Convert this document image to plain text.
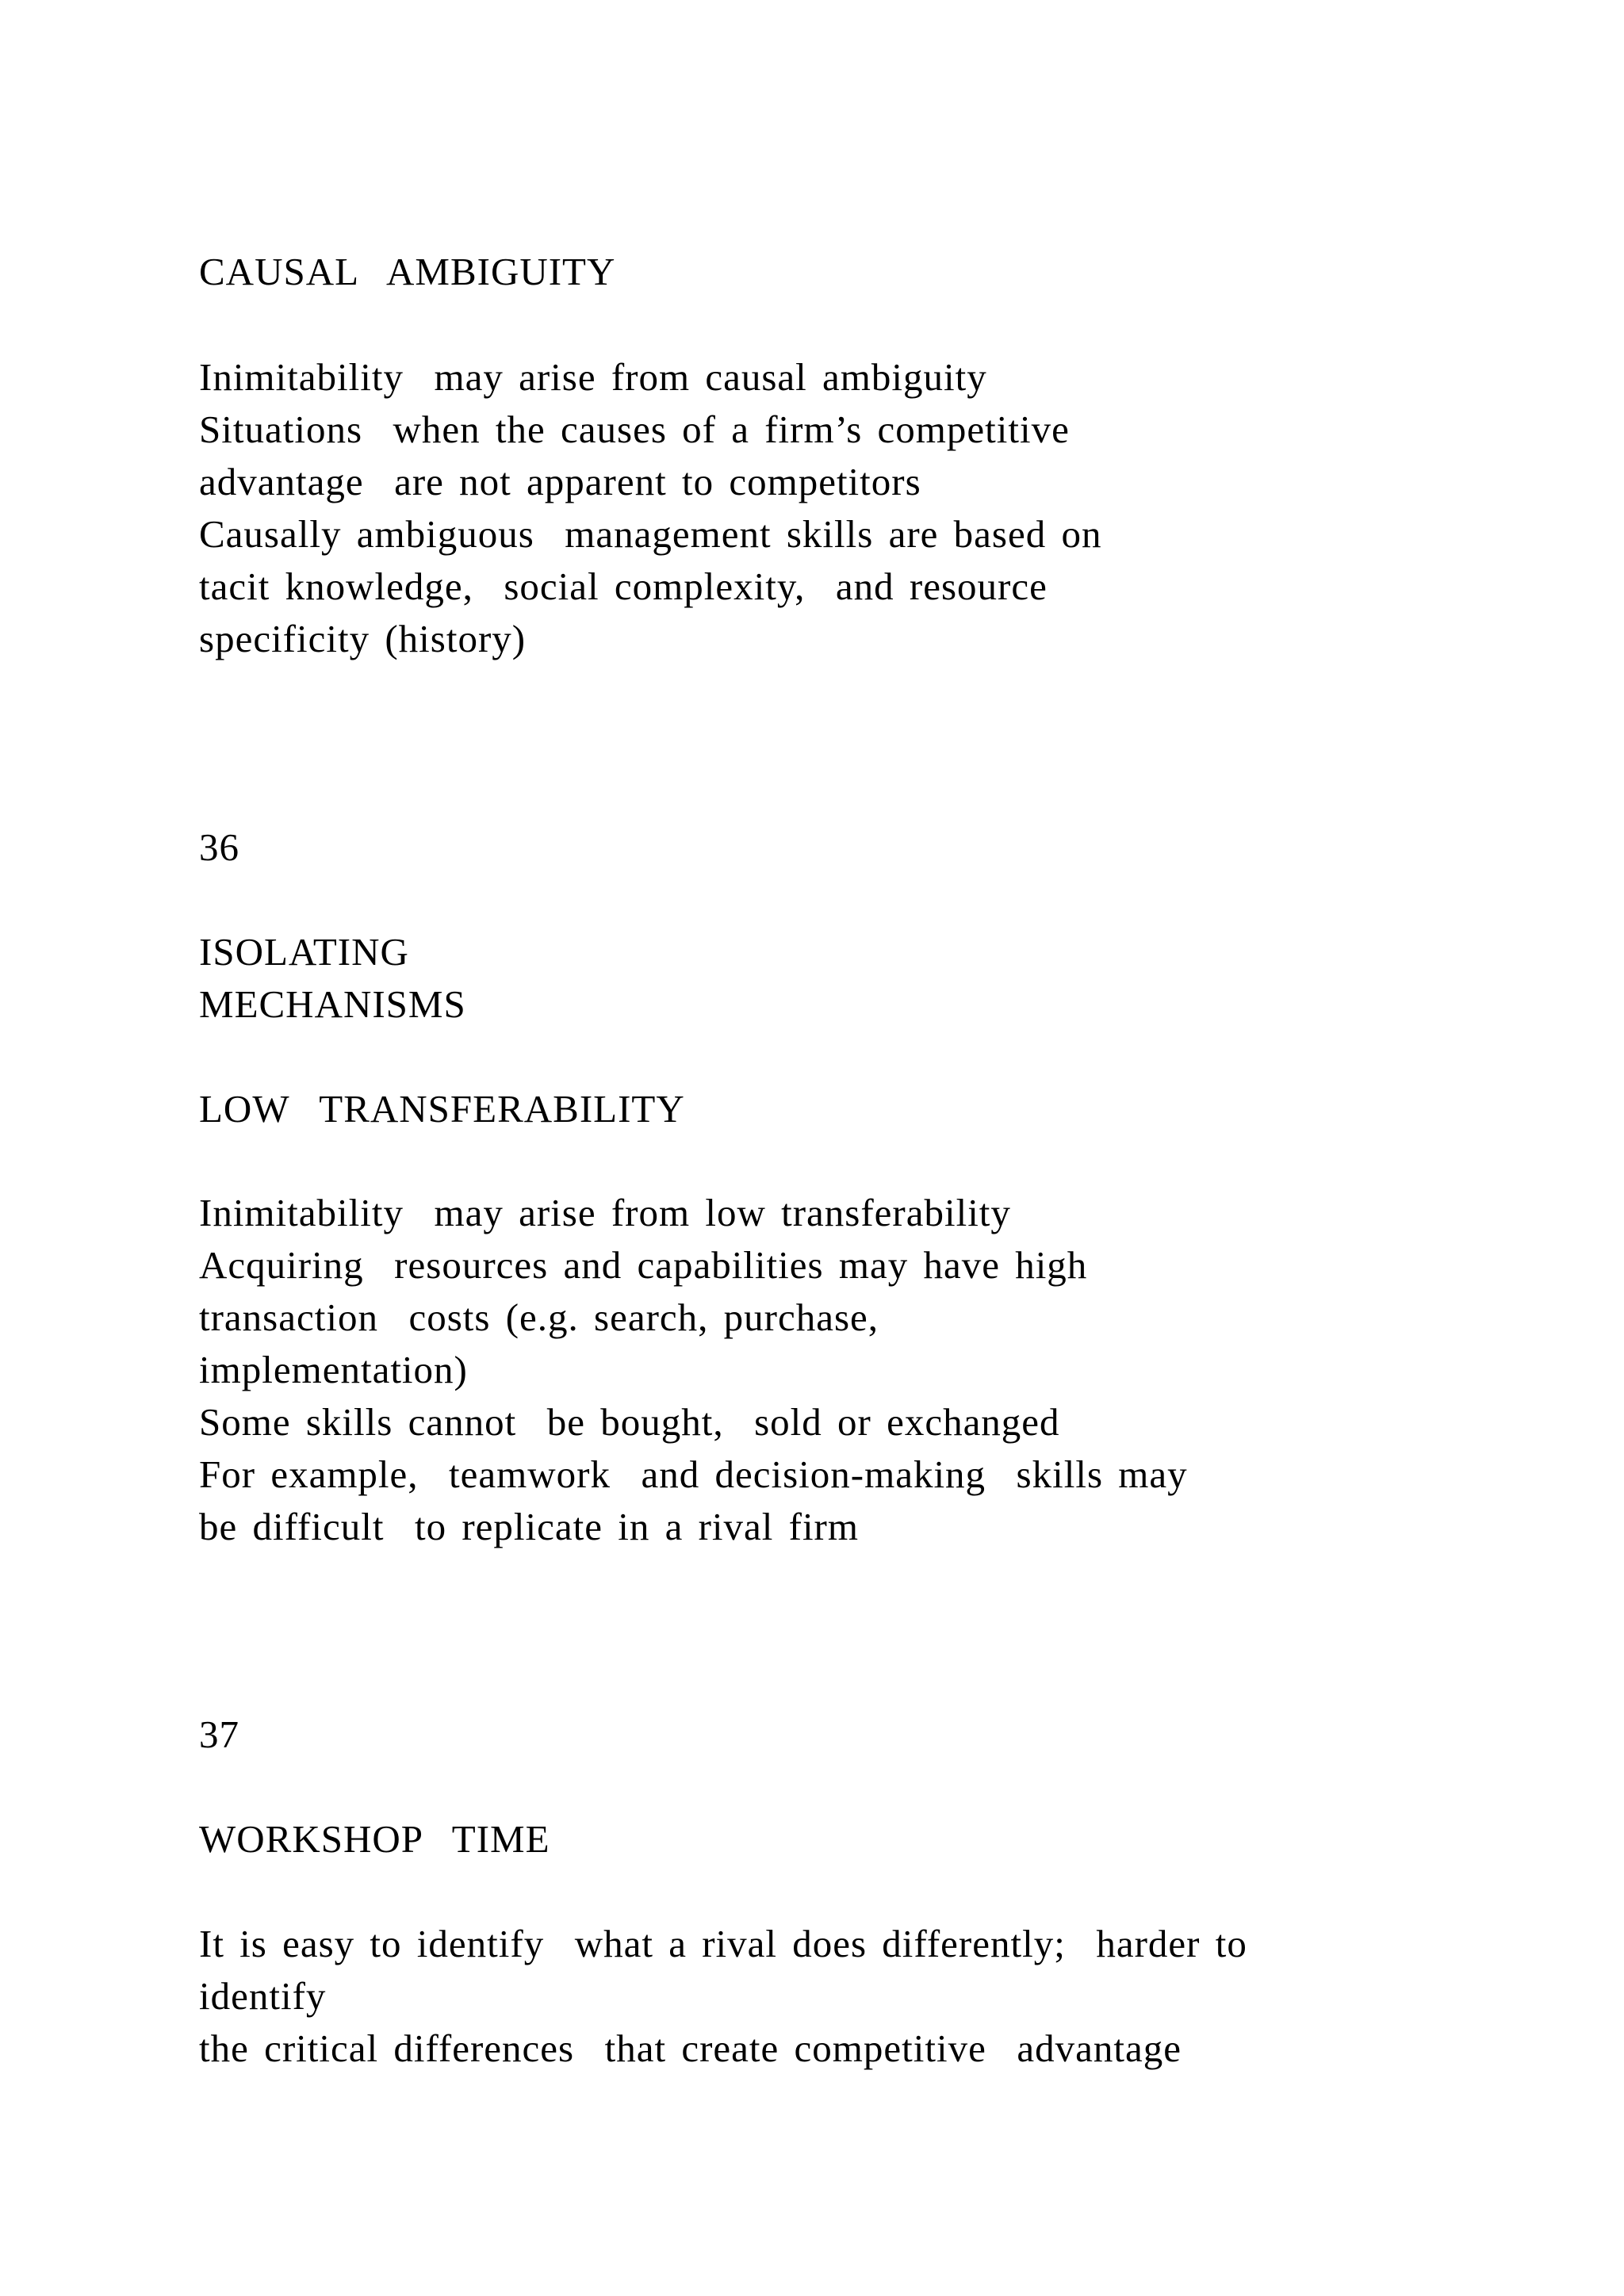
CAUSAL  AMBIGUITY
Inimitability  may arise from causal ambiguity
Situations  when the causes of a firm’s competitive
advantage  are not apparent to competitors
Causally ambiguous  management skills are based on
tacit knowledge,  social complexity,  and resource
specificity (history)
36
ISOLATING
MECHANISMS
LOW  TRANSFERABILITY
Inimitability  may arise from low transferability
Acquiring  resources and capabilities may have high
transaction  costs (e.g. search, purchase,
implementation)
Some skills cannot  be bought,  sold or exchanged
For example,  teamwork  and decision-making  skills may
be difficult  to replicate in a rival firm
37
WORKSHOP  TIME
It is easy to identify  what a rival does differently;  harder to
identify
the critical differences  that create competitive  advantage
